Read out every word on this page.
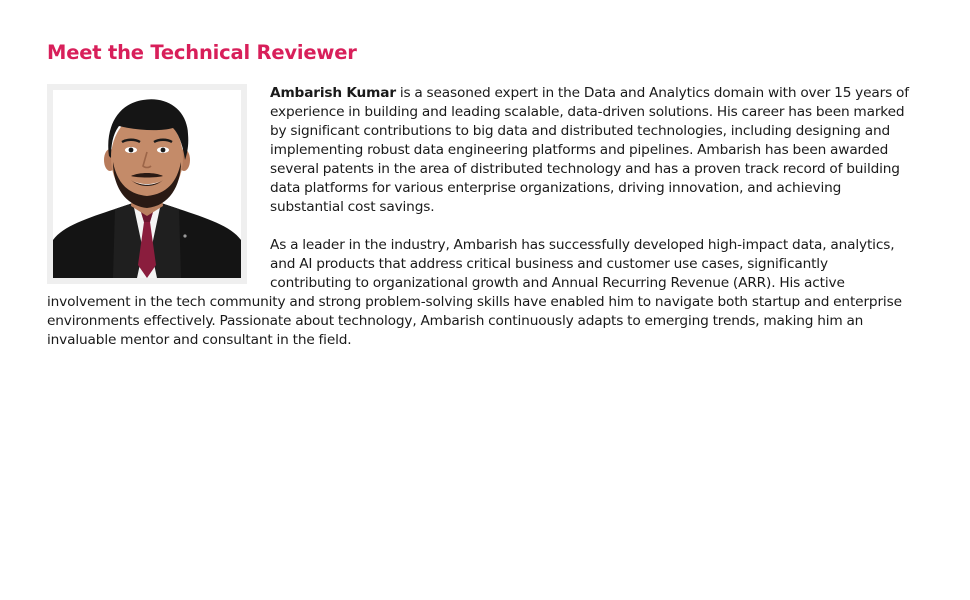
Meet the Technical Reviewer

Ambarish Kumar is a seasoned expert in the Data and Analytics domain with over 15 years of experience in building and leading scalable, data-driven solutions. His career has been marked by significant contributions to big data and distributed technologies, including designing and implementing robust data engineering platforms and pipelines. Ambarish has been awarded several patents in the area of distributed technology and has a proven track record of building data platforms for various enterprise organizations, driving innovation, and achieving substantial cost savings.

As a leader in the industry, Ambarish has successfully developed high-impact data, analytics, and AI products that address critical business and customer use cases, significantly contributing to organizational growth and Annual Recurring Revenue (ARR). His active involvement in the tech community and strong problem-solving skills have enabled him to navigate both startup and enterprise environments effectively. Passionate about technology, Ambarish continuously adapts to emerging trends, making him an invaluable mentor and consultant in the field.
